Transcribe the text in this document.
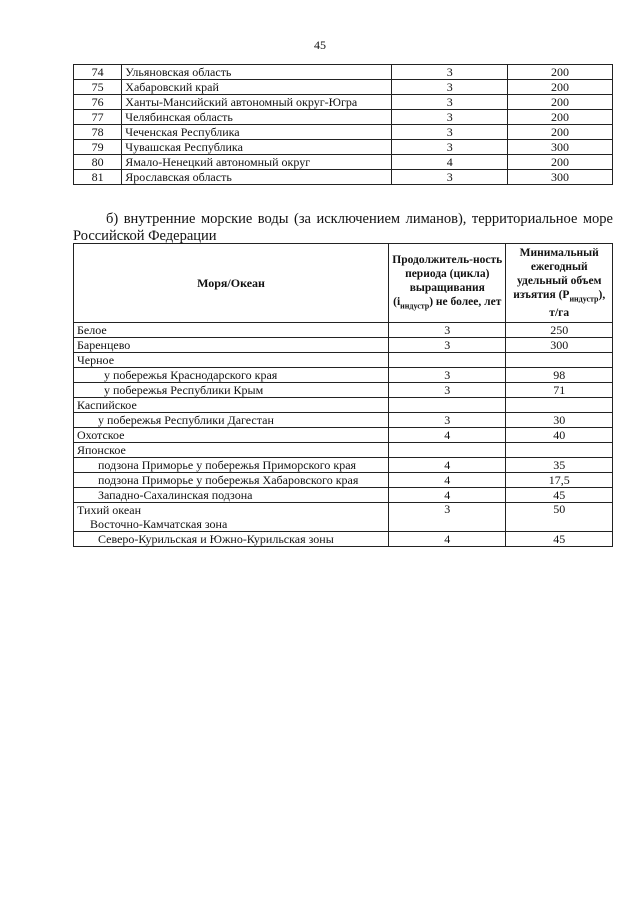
45
74	Ульяновская область	3	200
75	Хабаровский край	3	200
76	Ханты-Мансийский автономный округ-Югра	3	200
77	Челябинская область	3	200
78	Чеченская Республика	3	200
79	Чувашская Республика	3	300
80	Ямало-Ненецкий автономный округ	4	200
81	Ярославская область	3	300
б) внутренние морские воды (за исключением лиманов), территориальное море Российской Федерации
Моря/Океан	Продолжитель-ность периода (цикла) выращивания $(i_{индустр})$ не более, лет	Минимальный ежегодный удельный объем изъятия $(P_{индустр})$, т/га
Белое	3	250
Баренцево	3	300
Черное		
у побережья Краснодарского края	3	98
у побережья Республики Крым	3	71
Каспийское		
у побережья Республики Дагестан	3	30
Охотское	4	40
Японское		
подзона Приморье у побережья Приморского края	4	35
подзона Приморье у побережья Хабаровского края	4	17,5
Западно-Сахалинская подзона	4	45
Тихий океан	3	50
Восточно-Камчатская зона		
Северо-Курильская и Южно-Курильская зоны	4	45
